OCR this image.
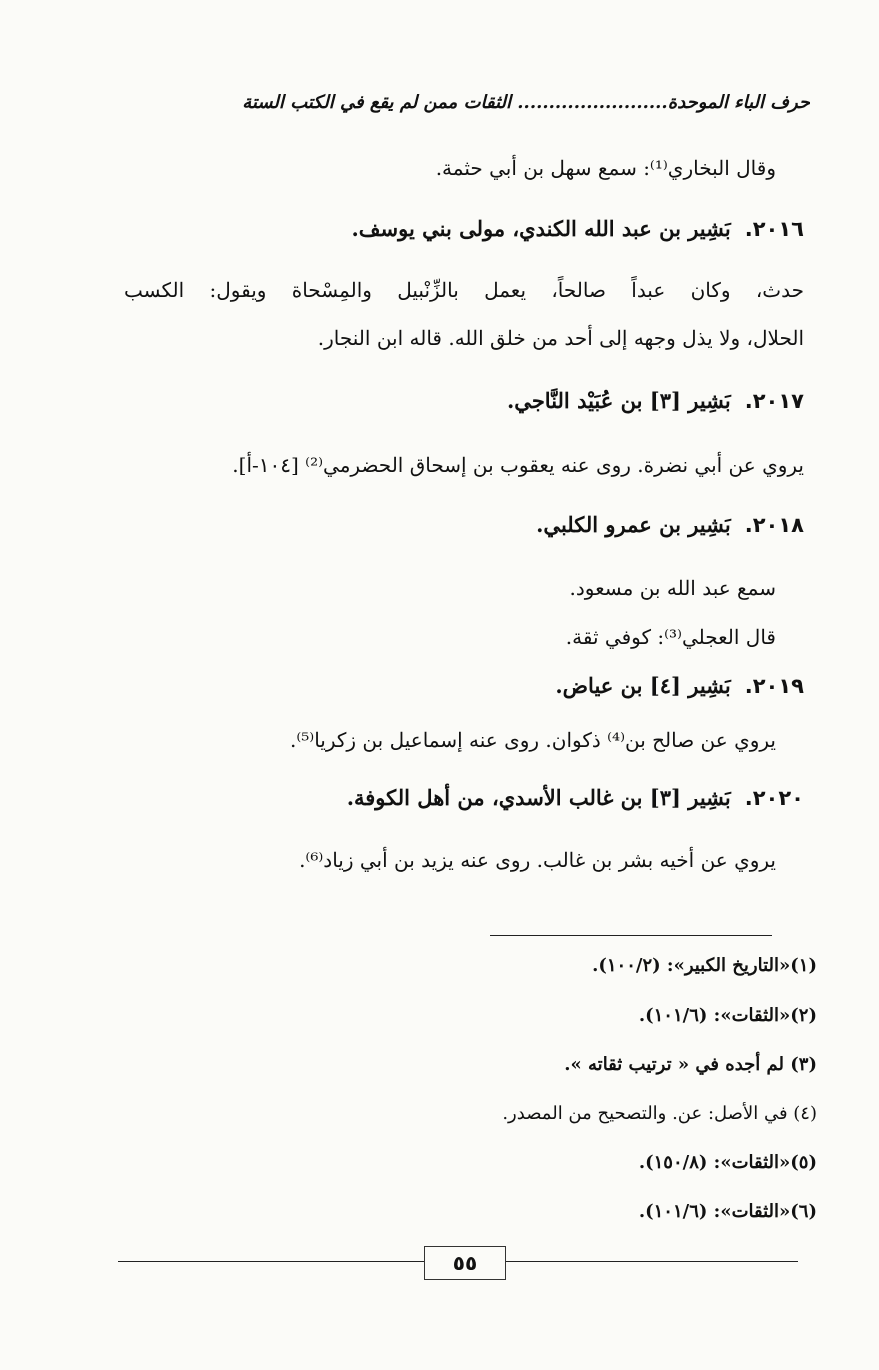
حرف الباء الموحدة........................ الثقات ممن لم يقع في الكتب الستة
وقال البخاري⁽¹⁾: سمع سهل بن أبي حثمة.
٢٠١٦.بَشِير بن عبد الله الكندي، مولى بني يوسف.
حدث، وكان عبداً صالحاً، يعمل بالزِّنْبيل والمِسْحاة ويقول: الكسب
الحلال، ولا يذل وجهه إلى أحد من خلق الله. قاله ابن النجار.
٢٠١٧.بَشِير [٣] بن عُبَيْد النَّاجي.
يروي عن أبي نضرة. روى عنه يعقوب بن إسحاق الحضرمي⁽²⁾ [١٠٤-أ].
٢٠١٨.بَشِير بن عمرو الكلبي.
سمع عبد الله بن مسعود.
قال العجلي⁽³⁾: كوفي ثقة.
٢٠١٩.بَشِير [٤] بن عياض.
يروي عن صالح بن⁽⁴⁾ ذكوان. روى عنه إسماعيل بن زكريا⁽⁵⁾.
٢٠٢٠.بَشِير [٣] بن غالب الأسدي، من أهل الكوفة.
يروي عن أخيه بشر بن غالب. روى عنه يزيد بن أبي زياد⁽⁶⁾.
(١)«التاريخ الكبير»: (١٠٠/٢).
(٢)«الثقات»: (١٠١/٦).
(٣) لم أجده في « ترتيب ثقاته ».
(٤) في الأصل: عن. والتصحيح من المصدر.
(٥)«الثقات»: (١٥٠/٨).
(٦)«الثقات»: (١٠١/٦).
٥٥
